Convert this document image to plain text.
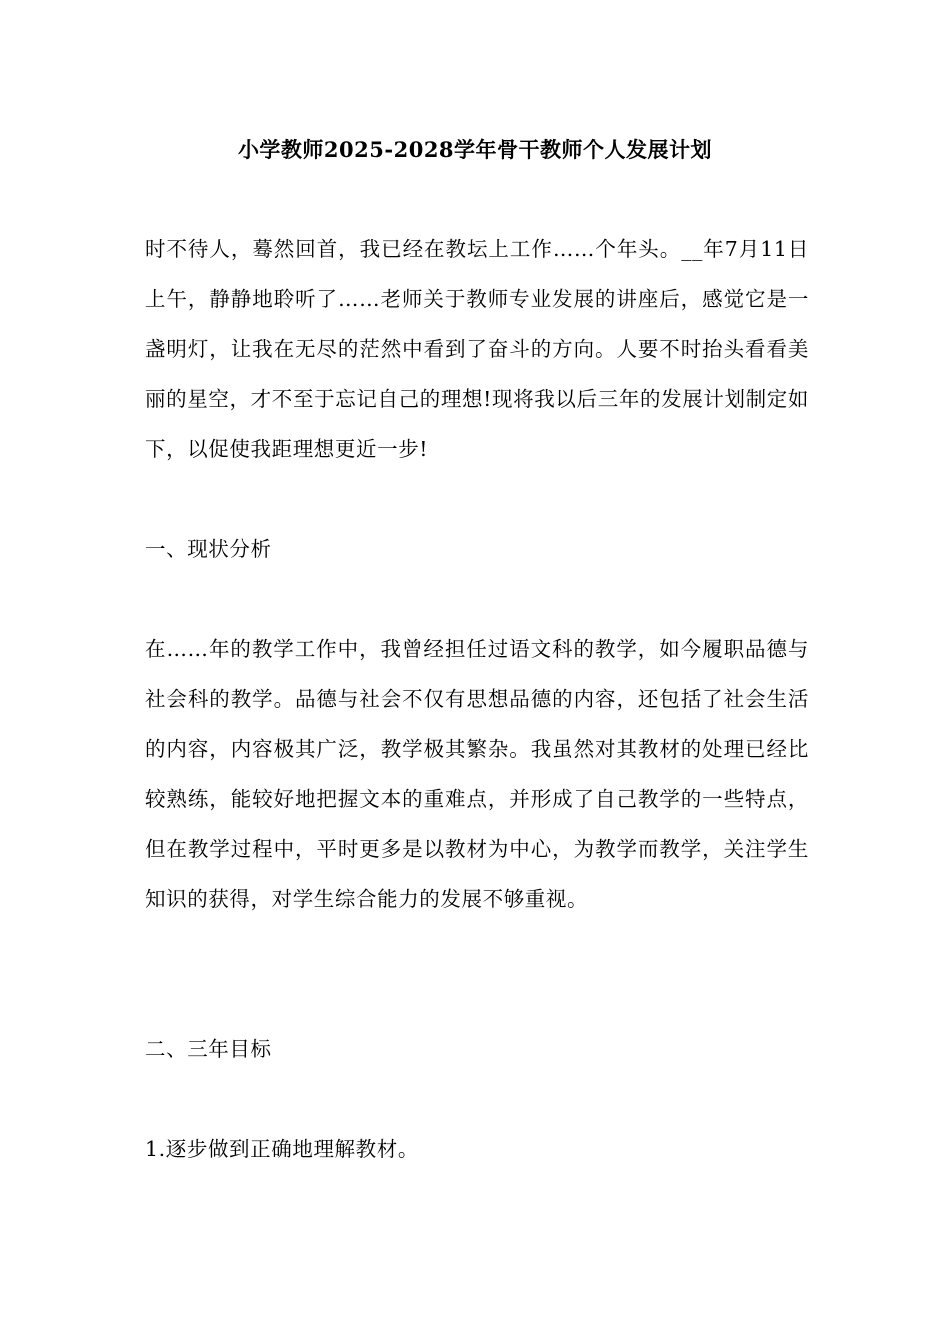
小学教师2025-2028学年骨干教师个人发展计划

时不待人，蓦然回首，我已经在教坛上工作……个年头。__年7月11日上午，静静地聆听了……老师关于教师专业发展的讲座后，感觉它是一盏明灯，让我在无尽的茫然中看到了奋斗的方向。人要不时抬头看看美丽的星空，才不至于忘记自己的理想!现将我以后三年的发展计划制定如下，以促使我距理想更近一步!

一、现状分析

在……年的教学工作中，我曾经担任过语文科的教学，如今履职品德与社会科的教学。品德与社会不仅有思想品德的内容，还包括了社会生活的内容，内容极其广泛，教学极其繁杂。我虽然对其教材的处理已经比较熟练，能较好地把握文本的重难点，并形成了自己教学的一些特点，但在教学过程中，平时更多是以教材为中心，为教学而教学，关注学生知识的获得，对学生综合能力的发展不够重视。

二、三年目标

1.逐步做到正确地理解教材。
